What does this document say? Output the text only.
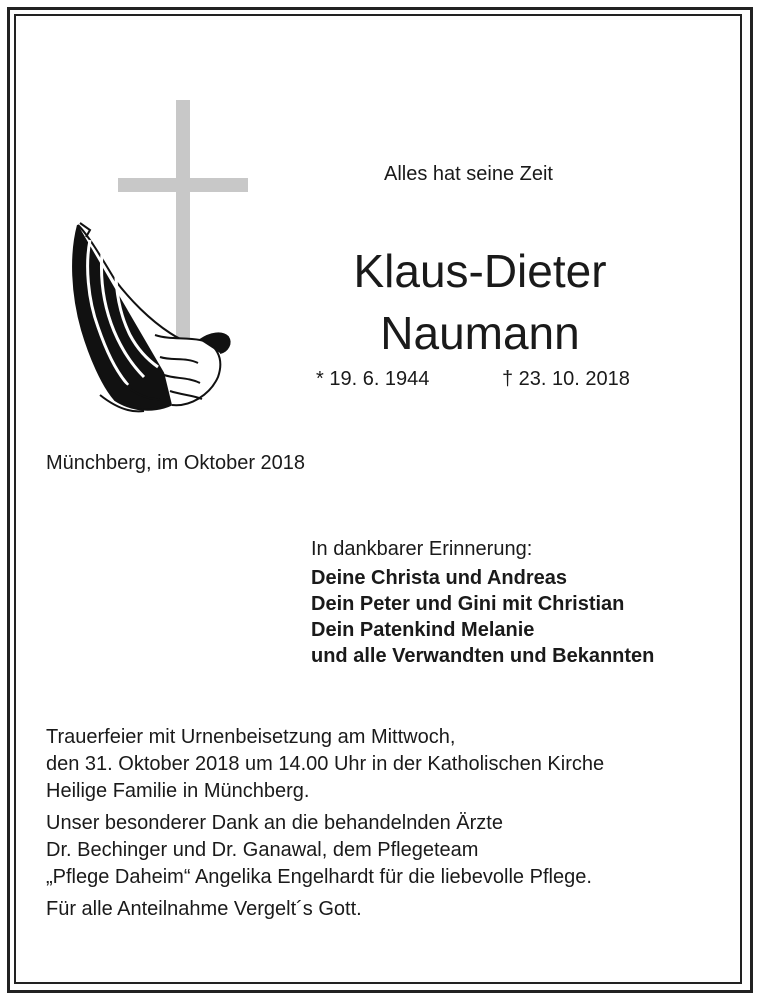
Alles hat seine Zeit
Klaus-Dieter
Naumann
* 19. 6. 1944	† 23. 10. 2018
Münchberg, im Oktober 2018
In dankbarer Erinnerung:
Deine Christa und Andreas
Dein Peter und Gini mit Christian
Dein Patenkind Melanie
und alle Verwandten und Bekannten

Trauerfeier mit Urnenbeisetzung am Mittwoch,
den 31. Oktober 2018 um 14.00 Uhr in der Katholischen Kirche
Heilige Familie in Münchberg.

Unser besonderer Dank an die behandelnden Ärzte
Dr. Bechinger und Dr. Ganawal, dem Pflegeteam
„Pflege Daheim“ Angelika Engelhardt für die liebevolle Pflege.

Für alle Anteilnahme Vergelt´s Gott.
